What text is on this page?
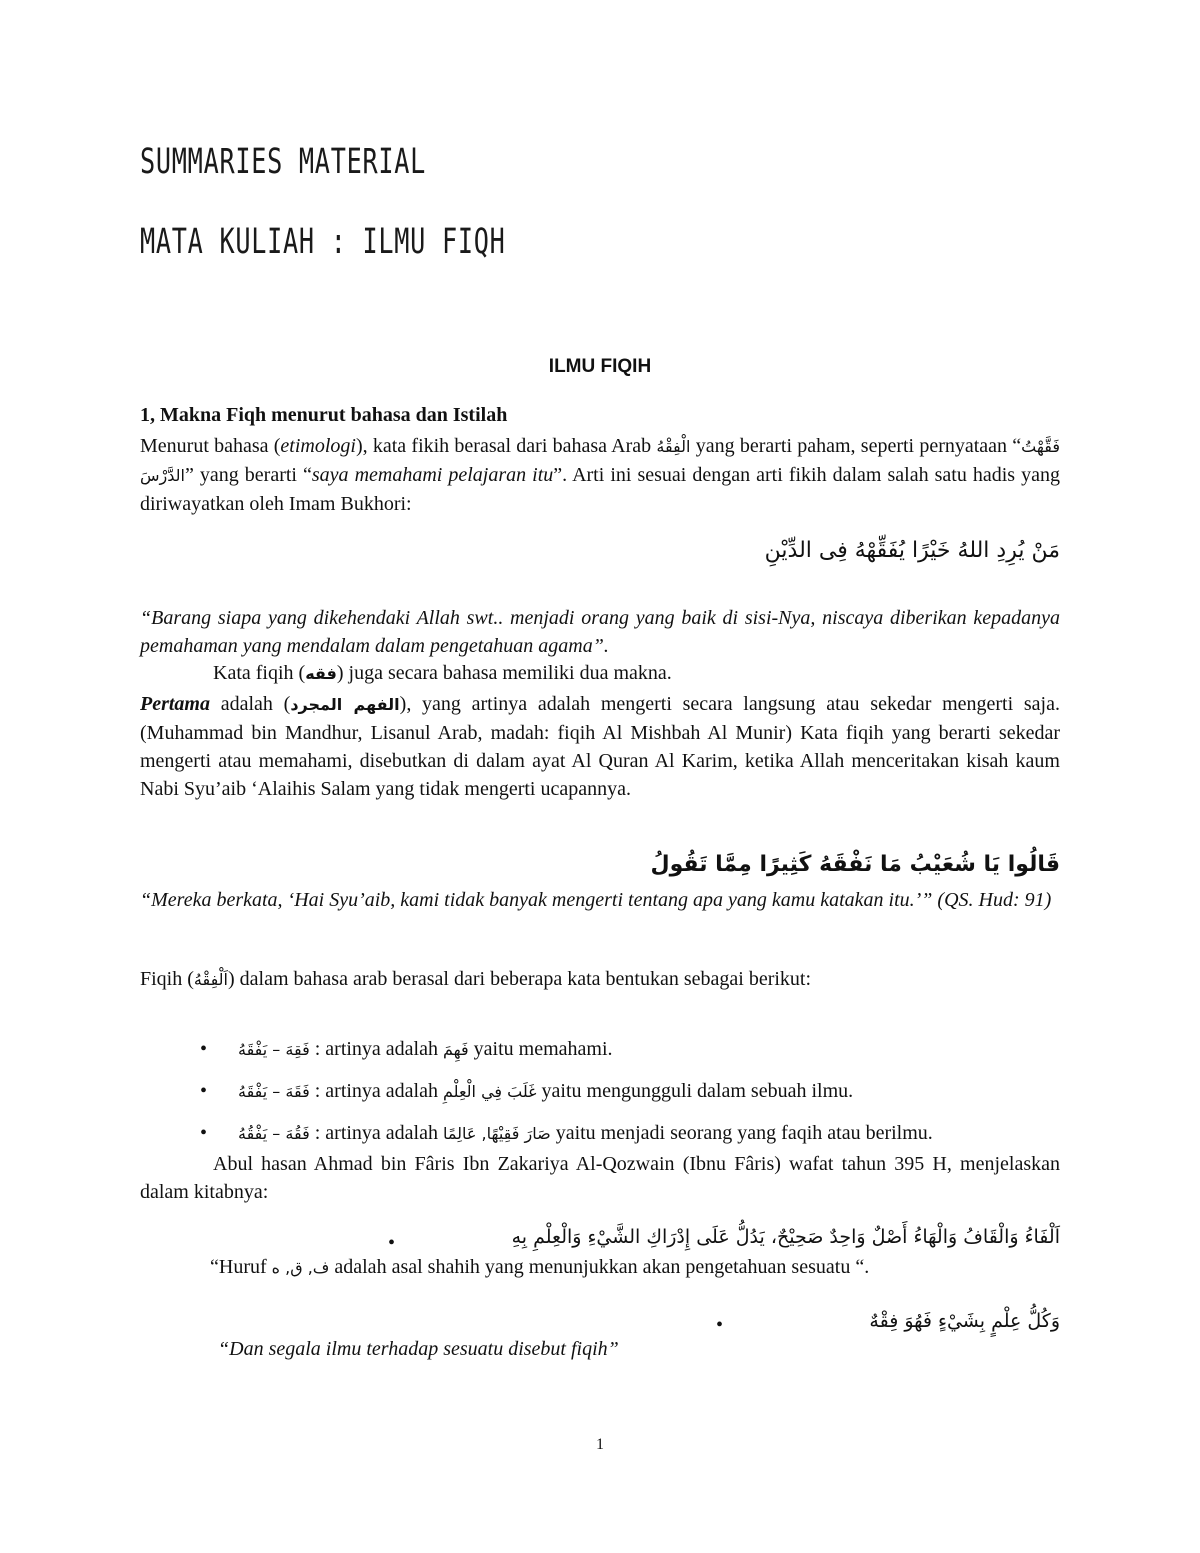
SUMMARIES MATERIAL
MATA KULIAH : ILMU FIQH
ILMU FIQIH
1, Makna Fiqh menurut bahasa dan Istilah
Menurut bahasa (etimologi), kata fikih berasal dari bahasa Arab الْفِقْهُ yang berarti paham, seperti pernyataan “فَقَّهْتُ الدَّرْسَ” yang berarti “saya memahami pelajaran itu”. Arti ini sesuai dengan arti fikih dalam salah satu hadis yang diriwayatkan oleh Imam Bukhori:
مَنْ يُرِدِ اللهُ خَيْرًا يُفَقِّهْهُ فِى الدِّيْنِ
“Barang siapa yang dikehendaki Allah swt.. menjadi orang yang baik di sisi-Nya, niscaya diberikan kepadanya pemahaman yang mendalam dalam pengetahuan agama”.
Kata fiqih (فقه) juga secara bahasa memiliki dua makna.
Pertama adalah (الفهم المجرد), yang artinya adalah mengerti secara langsung atau sekedar mengerti saja. (Muhammad bin Mandhur, Lisanul Arab, madah: fiqih Al Mishbah Al Munir) Kata fiqih yang berarti sekedar mengerti atau memahami, disebutkan di dalam ayat Al Quran Al Karim, ketika Allah menceritakan kisah kaum Nabi Syu’aib ‘Alaihis Salam yang tidak mengerti ucapannya.
قَالُوا يَا شُعَيْبُ مَا نَفْقَهُ كَثِيرًا مِمَّا تَقُولُ
“Mereka berkata, ‘Hai Syu’aib, kami tidak banyak mengerti tentang apa yang kamu katakan itu.’” (QS. Hud: 91)
Fiqih (اَلْفِقْهُ) dalam bahasa arab berasal dari beberapa kata bentukan sebagai berikut:
• فَقِهَ – يَفْقَهُ : artinya adalah فَهِمَ yaitu memahami.
• فَقَهَ – يَفْقَهُ : artinya adalah غَلَبَ فِي الْعِلْمِ yaitu mengungguli dalam sebuah ilmu.
• فَقُهَ – يَفْقُهُ : artinya adalah صَارَ فَقِيْهًا, عَالِمًا yaitu menjadi seorang yang faqih atau berilmu.
Abul hasan Ahmad bin Fâris Ibn Zakariya Al-Qozwain (Ibnu Fâris) wafat tahun 395 H, menjelaskan dalam kitabnya:
•	اَلْفَاءُ وَالْقَافُ وَالْهَاءُ أَصْلٌ وَاحِدٌ صَحِيْحٌ، يَدُلُّ عَلَى إِدْرَاكِ الشَّيْءِ وَالْعِلْمِ بِهِ
“Huruf ف, ق, ه adalah asal shahih yang menunjukkan akan pengetahuan sesuatu “.
•	وَكُلُّ عِلْمٍ بِشَيْءٍ فَهُوَ فِقْهٌ
“Dan segala ilmu terhadap sesuatu disebut fiqih”
1
